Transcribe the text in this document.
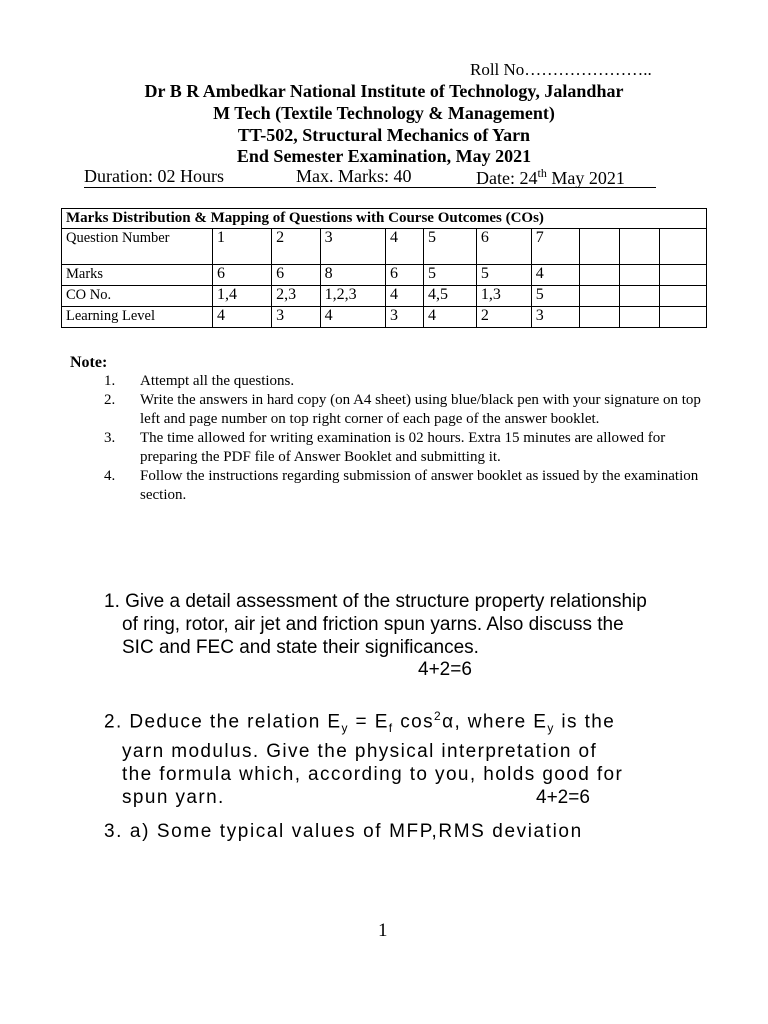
Roll No…………………..
Dr B R Ambedkar National Institute of Technology, Jalandhar
M Tech (Textile Technology & Management)
TT-502, Structural Mechanics of Yarn
End Semester Examination, May 2021
Duration: 02 Hours	Max. Marks: 40	Date: 24th May 2021
Marks Distribution & Mapping of Questions with Course Outcomes (COs)										
Question Number	1	2	3	4	5	6	7			
Marks	6	6	8	6	5	5	4			
CO No.	1,4	2,3	1,2,3	4	4,5	1,3	5			
Learning Level	4	3	4	3	4	2	3			
Note:
1. Attempt all the questions.
2. Write the answers in hard copy (on A4 sheet) using blue/black pen with your signature on top left and page number on top right corner of each page of the answer booklet.
3. The time allowed for writing examination is 02 hours. Extra 15 minutes are allowed for preparing the PDF file of Answer Booklet and submitting it.
4. Follow the instructions regarding submission of answer booklet as issued by the examination section.
1. Give a detail assessment of the structure property relationship
of ring, rotor, air jet and friction spun yarns. Also discuss the
SIC and FEC and state their significances.
4+2=6
2. Deduce the relation $E_y = E_f$ $\cos^2\alpha$, where $E_y$ is the
yarn modulus. Give the physical interpretation of
the formula which, according to you, holds good for
spun yarn.	4+2=6
3. a) Some typical values of MFP,RMS deviation
1
